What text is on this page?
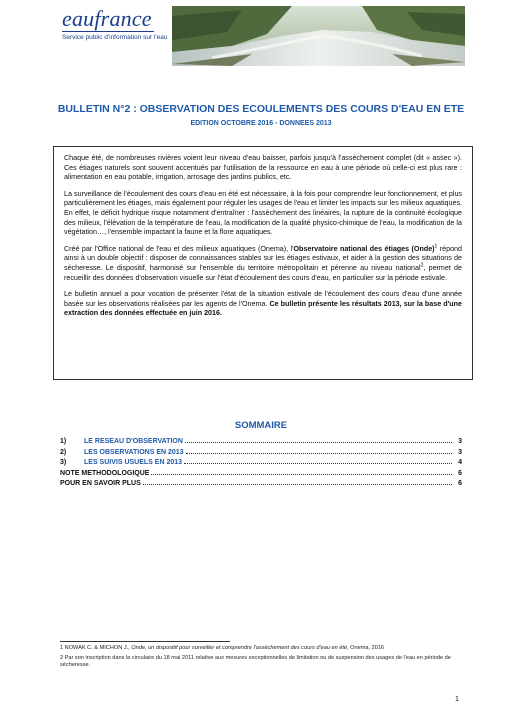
eaufrance
Service public d'information sur l'eau
BULLETIN N°2 : OBSERVATION DES ECOULEMENTS DES COURS D'EAU EN ETE
EDITION OCTOBRE 2016 - DONNEES 2013

Chaque été, de nombreuses rivières voient leur niveau d'eau baisser, parfois jusqu'à l'assèchement complet (dit « assec »). Ces étiages naturels sont souvent accentués par l'utilisation de la ressource en eau à une période où celle-ci est plus rare : alimentation en eau potable, irrigation, arrosage des jardins publics, etc.

La surveillance de l'écoulement des cours d'eau en été est nécessaire, à la fois pour comprendre leur fonctionnement, et plus particulièrement les étiages, mais également pour réguler les usages de l'eau et limiter les impacts sur les milieux aquatiques. En effet, le déficit hydrique risque notamment d'entraîner : l'assèchement des linéaires, la rupture de la continuité écologique des milieux, l'élévation de la température de l'eau, la modification de la qualité physico-chimique de l'eau, la modification de la végétation…, l'ensemble impactant la faune et la flore aquatiques.

Créé par l'Office national de l'eau et des milieux aquatiques (Onema), l'Observatoire national des étiages (Onde)$^1$ répond ainsi à un double objectif : disposer de connaissances stables sur les étiages estivaux, et aider à la gestion des situations de sécheresse. Le dispositif, harmonisé sur l'ensemble du territoire métropolitain et pérenne au niveau national$^2$, permet de recueillir des données d'observation visuelle sur l'état d'écoulement des cours d'eau, en particulier sur la période estivale.

Le bulletin annuel a pour vocation de présenter l'état de la situation estivale de l'écoulement des cours d'eau d'une année basée sur les observations réalisées par les agents de l'Onema. Ce bulletin présente les résultats 2013, sur la base d'une extraction des données effectuée en juin 2016.

SOMMAIRE
1)	LE RESEAU D'OBSERVATION	3
2)	LES OBSERVATIONS EN 2013	3
3)	LES SUIVIS USUELS EN 2013	4
NOTE METHODOLOGIQUE	6
POUR EN SAVOIR PLUS	6

1 NOWAK C. & MICHON J., Onde, un dispositif pour surveiller et comprendre l'assèchement des cours d'eau en été, Onema, 2016

2 Par son inscription dans la circulaire du 18 mai 2011 relative aux mesures exceptionnelles de limitation ou de suspension des usages de l'eau en période de sécheresse.

1
